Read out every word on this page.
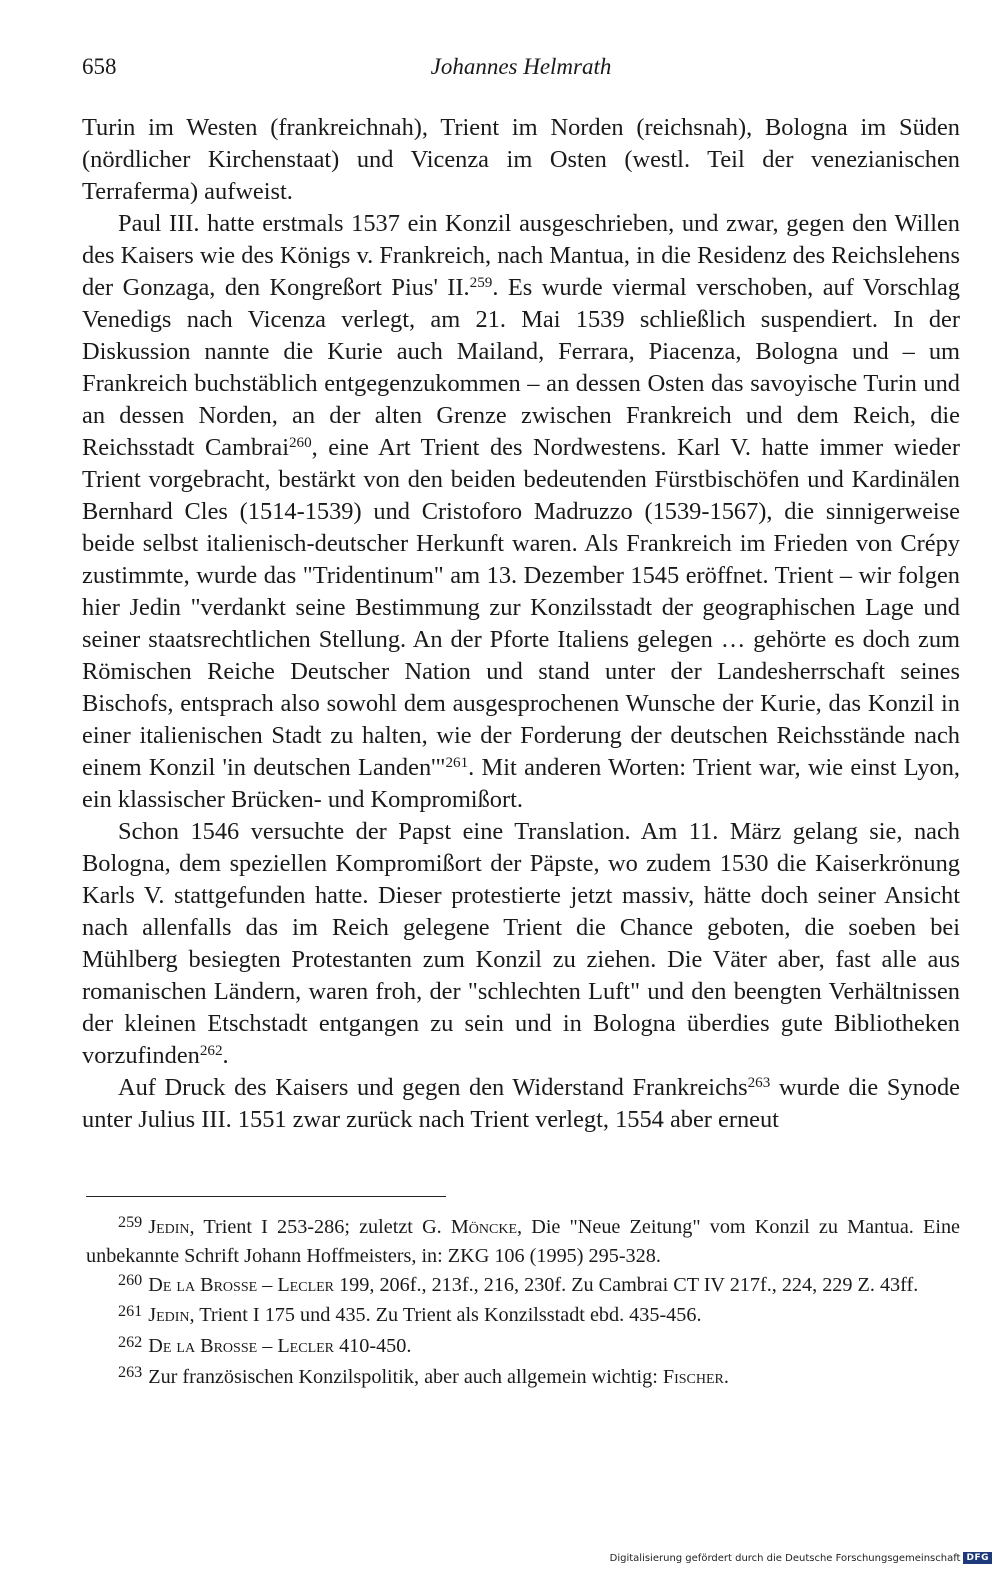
658	Johannes Helmrath

Turin im Westen (frankreichnah), Trient im Norden (reichsnah), Bologna im Süden (nördlicher Kirchenstaat) und Vicenza im Osten (westl. Teil der venezianischen Terraferma) aufweist.

Paul III. hatte erstmals 1537 ein Konzil ausgeschrieben, und zwar, gegen den Willen des Kaisers wie des Königs v. Frankreich, nach Mantua, in die Residenz des Reichslehens der Gonzaga, den Kongreßort Pius' II.$^{259}$. Es wurde viermal verschoben, auf Vorschlag Venedigs nach Vicenza verlegt, am 21. Mai 1539 schließlich suspendiert. In der Diskussion nannte die Kurie auch Mailand, Ferrara, Piacenza, Bologna und – um Frankreich buchstäblich entgegenzukommen – an dessen Osten das savoyische Turin und an dessen Norden, an der alten Grenze zwischen Frankreich und dem Reich, die Reichsstadt Cambrai$^{260}$, eine Art Trient des Nordwestens. Karl V. hatte immer wieder Trient vorgebracht, bestärkt von den beiden bedeutenden Fürstbischöfen und Kardinälen Bernhard Cles (1514-1539) und Cristoforo Madruzzo (1539-1567), die sinnigerweise beide selbst italienisch-deutscher Herkunft waren. Als Frankreich im Frieden von Crépy zustimmte, wurde das "Tridentinum" am 13. Dezember 1545 eröffnet. Trient – wir folgen hier Jedin "verdankt seine Bestimmung zur Konzilsstadt der geographischen Lage und seiner staatsrechtlichen Stellung. An der Pforte Italiens gelegen … gehörte es doch zum Römischen Reiche Deutscher Nation und stand unter der Landesherrschaft seines Bischofs, entsprach also sowohl dem ausgesprochenen Wunsche der Kurie, das Konzil in einer italienischen Stadt zu halten, wie der Forderung der deutschen Reichsstände nach einem Konzil 'in deutschen Landen'"$^{261}$. Mit anderen Worten: Trient war, wie einst Lyon, ein klassischer Brücken- und Kompromißort.

Schon 1546 versuchte der Papst eine Translation. Am 11. März gelang sie, nach Bologna, dem speziellen Kompromißort der Päpste, wo zudem 1530 die Kaiserkrönung Karls V. stattgefunden hatte. Dieser protestierte jetzt massiv, hätte doch seiner Ansicht nach allenfalls das im Reich gelegene Trient die Chance geboten, die soeben bei Mühlberg besiegten Protestanten zum Konzil zu ziehen. Die Väter aber, fast alle aus romanischen Ländern, waren froh, der "schlechten Luft" und den beengten Verhältnissen der kleinen Etschstadt entgangen zu sein und in Bologna überdies gute Bibliotheken vorzufinden$^{262}$.

Auf Druck des Kaisers und gegen den Widerstand Frankreichs$^{263}$ wurde die Synode unter Julius III. 1551 zwar zurück nach Trient verlegt, 1554 aber erneut

$^{259}$ Jedin, Trient I 253-286; zuletzt G. Möncke, Die "Neue Zeitung" vom Konzil zu Mantua. Eine unbekannte Schrift Johann Hoffmeisters, in: ZKG 106 (1995) 295-328.

$^{260}$ De la Brosse – Lecler 199, 206f., 213f., 216, 230f. Zu Cambrai CT IV 217f., 224, 229 Z. 43ff.

$^{261}$ Jedin, Trient I 175 und 435. Zu Trient als Konzilsstadt ebd. 435-456.

$^{262}$ De la Brosse – Lecler 410-450.

$^{263}$ Zur französischen Konzilspolitik, aber auch allgemein wichtig: Fischer.

Digitalisierung gefördert durch die Deutsche Forschungsgemeinschaft DFG
